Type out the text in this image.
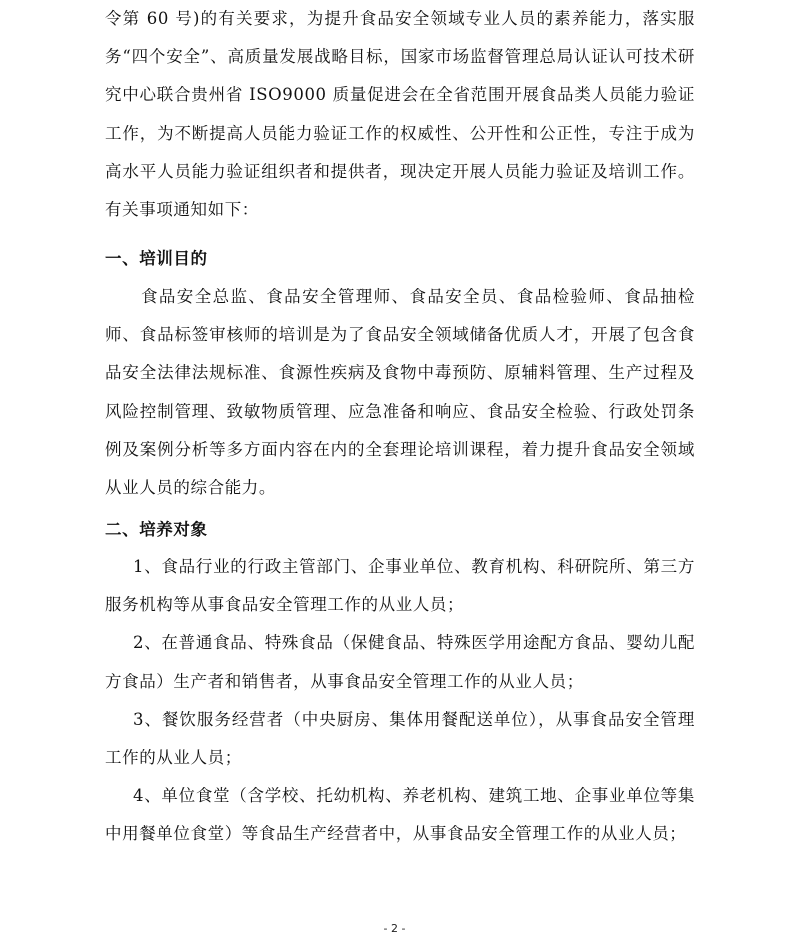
令第 60 号)的有关要求，为提升食品安全领域专业人员的素养能力，落实服务“四个安全”、高质量发展战略目标，国家市场监督管理总局认证认可技术研究中心联合贵州省 ISO9000 质量促进会在全省范围开展食品类人员能力验证工作，为不断提高人员能力验证工作的权威性、公开性和公正性，专注于成为高水平人员能力验证组织者和提供者，现决定开展人员能力验证及培训工作。有关事项通知如下：
一、培训目的
食品安全总监、食品安全管理师、食品安全员、食品检验师、食品抽检师、食品标签审核师的培训是为了食品安全领域储备优质人才，开展了包含食品安全法律法规标准、食源性疾病及食物中毒预防、原辅料管理、生产过程及风险控制管理、致敏物质管理、应急准备和响应、食品安全检验、行政处罚条例及案例分析等多方面内容在内的全套理论培训课程，着力提升食品安全领域从业人员的综合能力。
二、培养对象
1、食品行业的行政主管部门、企事业单位、教育机构、科研院所、第三方服务机构等从事食品安全管理工作的从业人员；
2、在普通食品、特殊食品（保健食品、特殊医学用途配方食品、婴幼儿配方食品）生产者和销售者，从事食品安全管理工作的从业人员；
3、餐饮服务经营者（中央厨房、集体用餐配送单位），从事食品安全管理工作的从业人员；
4、单位食堂（含学校、托幼机构、养老机构、建筑工地、企事业单位等集中用餐单位食堂）等食品生产经营者中，从事食品安全管理工作的从业人员；
- 2 -
